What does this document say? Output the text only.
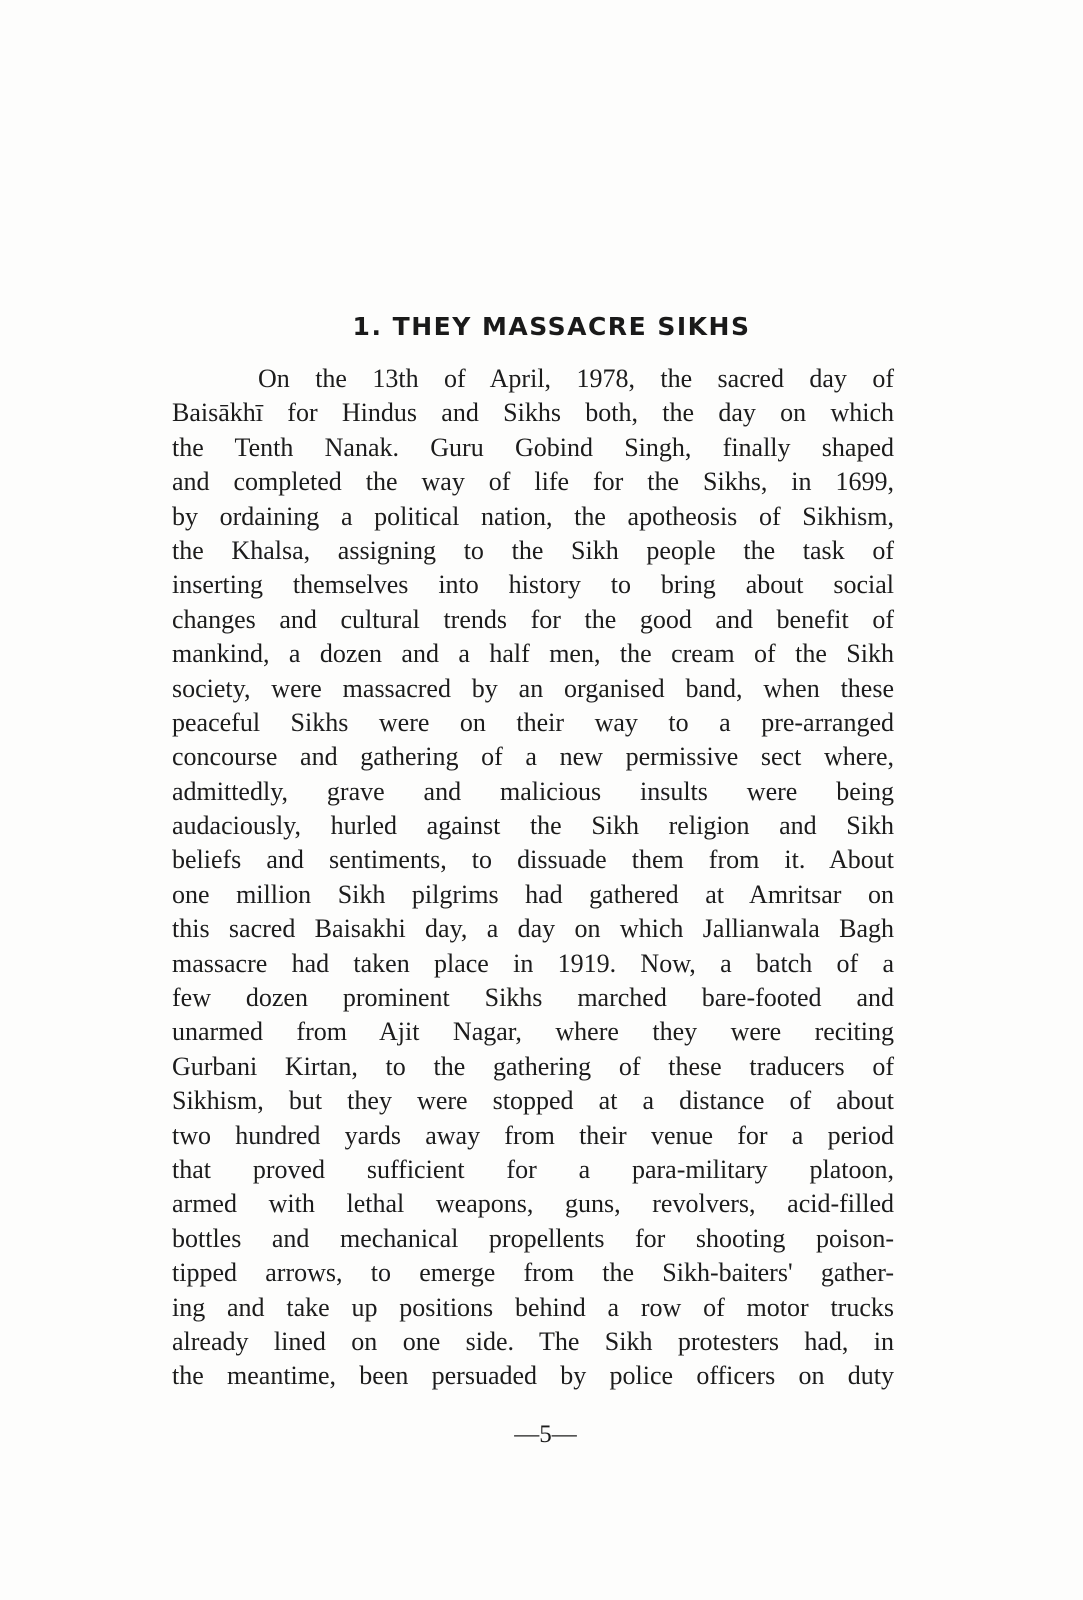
1. THEY MASSACRE SIKHS
On the 13th of April, 1978, the sacred day of
Baisākhī for Hindus and Sikhs both, the day on which
the Tenth Nanak. Guru Gobind Singh, finally shaped
and completed the way of life for the Sikhs, in 1699,
by ordaining a political nation, the apotheosis of Sikhism,
the Khalsa, assigning to the Sikh people the task of
inserting themselves into history to bring about social
changes and cultural trends for the good and benefit of
mankind, a dozen and a half men, the cream of the Sikh
society, were massacred by an organised band, when these
peaceful Sikhs were on their way to a pre-arranged
concourse and gathering of a new permissive sect where,
admittedly, grave and malicious insults were being
audaciously, hurled against the Sikh religion and Sikh
beliefs and sentiments, to dissuade them from it. About
one million Sikh pilgrims had gathered at Amritsar on
this sacred Baisakhi day, a day on which Jallianwala Bagh
massacre had taken place in 1919. Now, a batch of a
few dozen prominent Sikhs marched bare-footed and
unarmed from Ajit Nagar, where they were reciting
Gurbani Kirtan, to the gathering of these traducers of
Sikhism, but they were stopped at a distance of about
two hundred yards away from their venue for a period
that proved sufficient for a para-military platoon,
armed with lethal weapons, guns, revolvers, acid-filled
bottles and mechanical propellents for shooting poison-
tipped arrows, to emerge from the Sikh-baiters' gather-
ing and take up positions behind a row of motor trucks
already lined on one side. The Sikh protesters had, in
the meantime, been persuaded by police officers on duty
—5—
